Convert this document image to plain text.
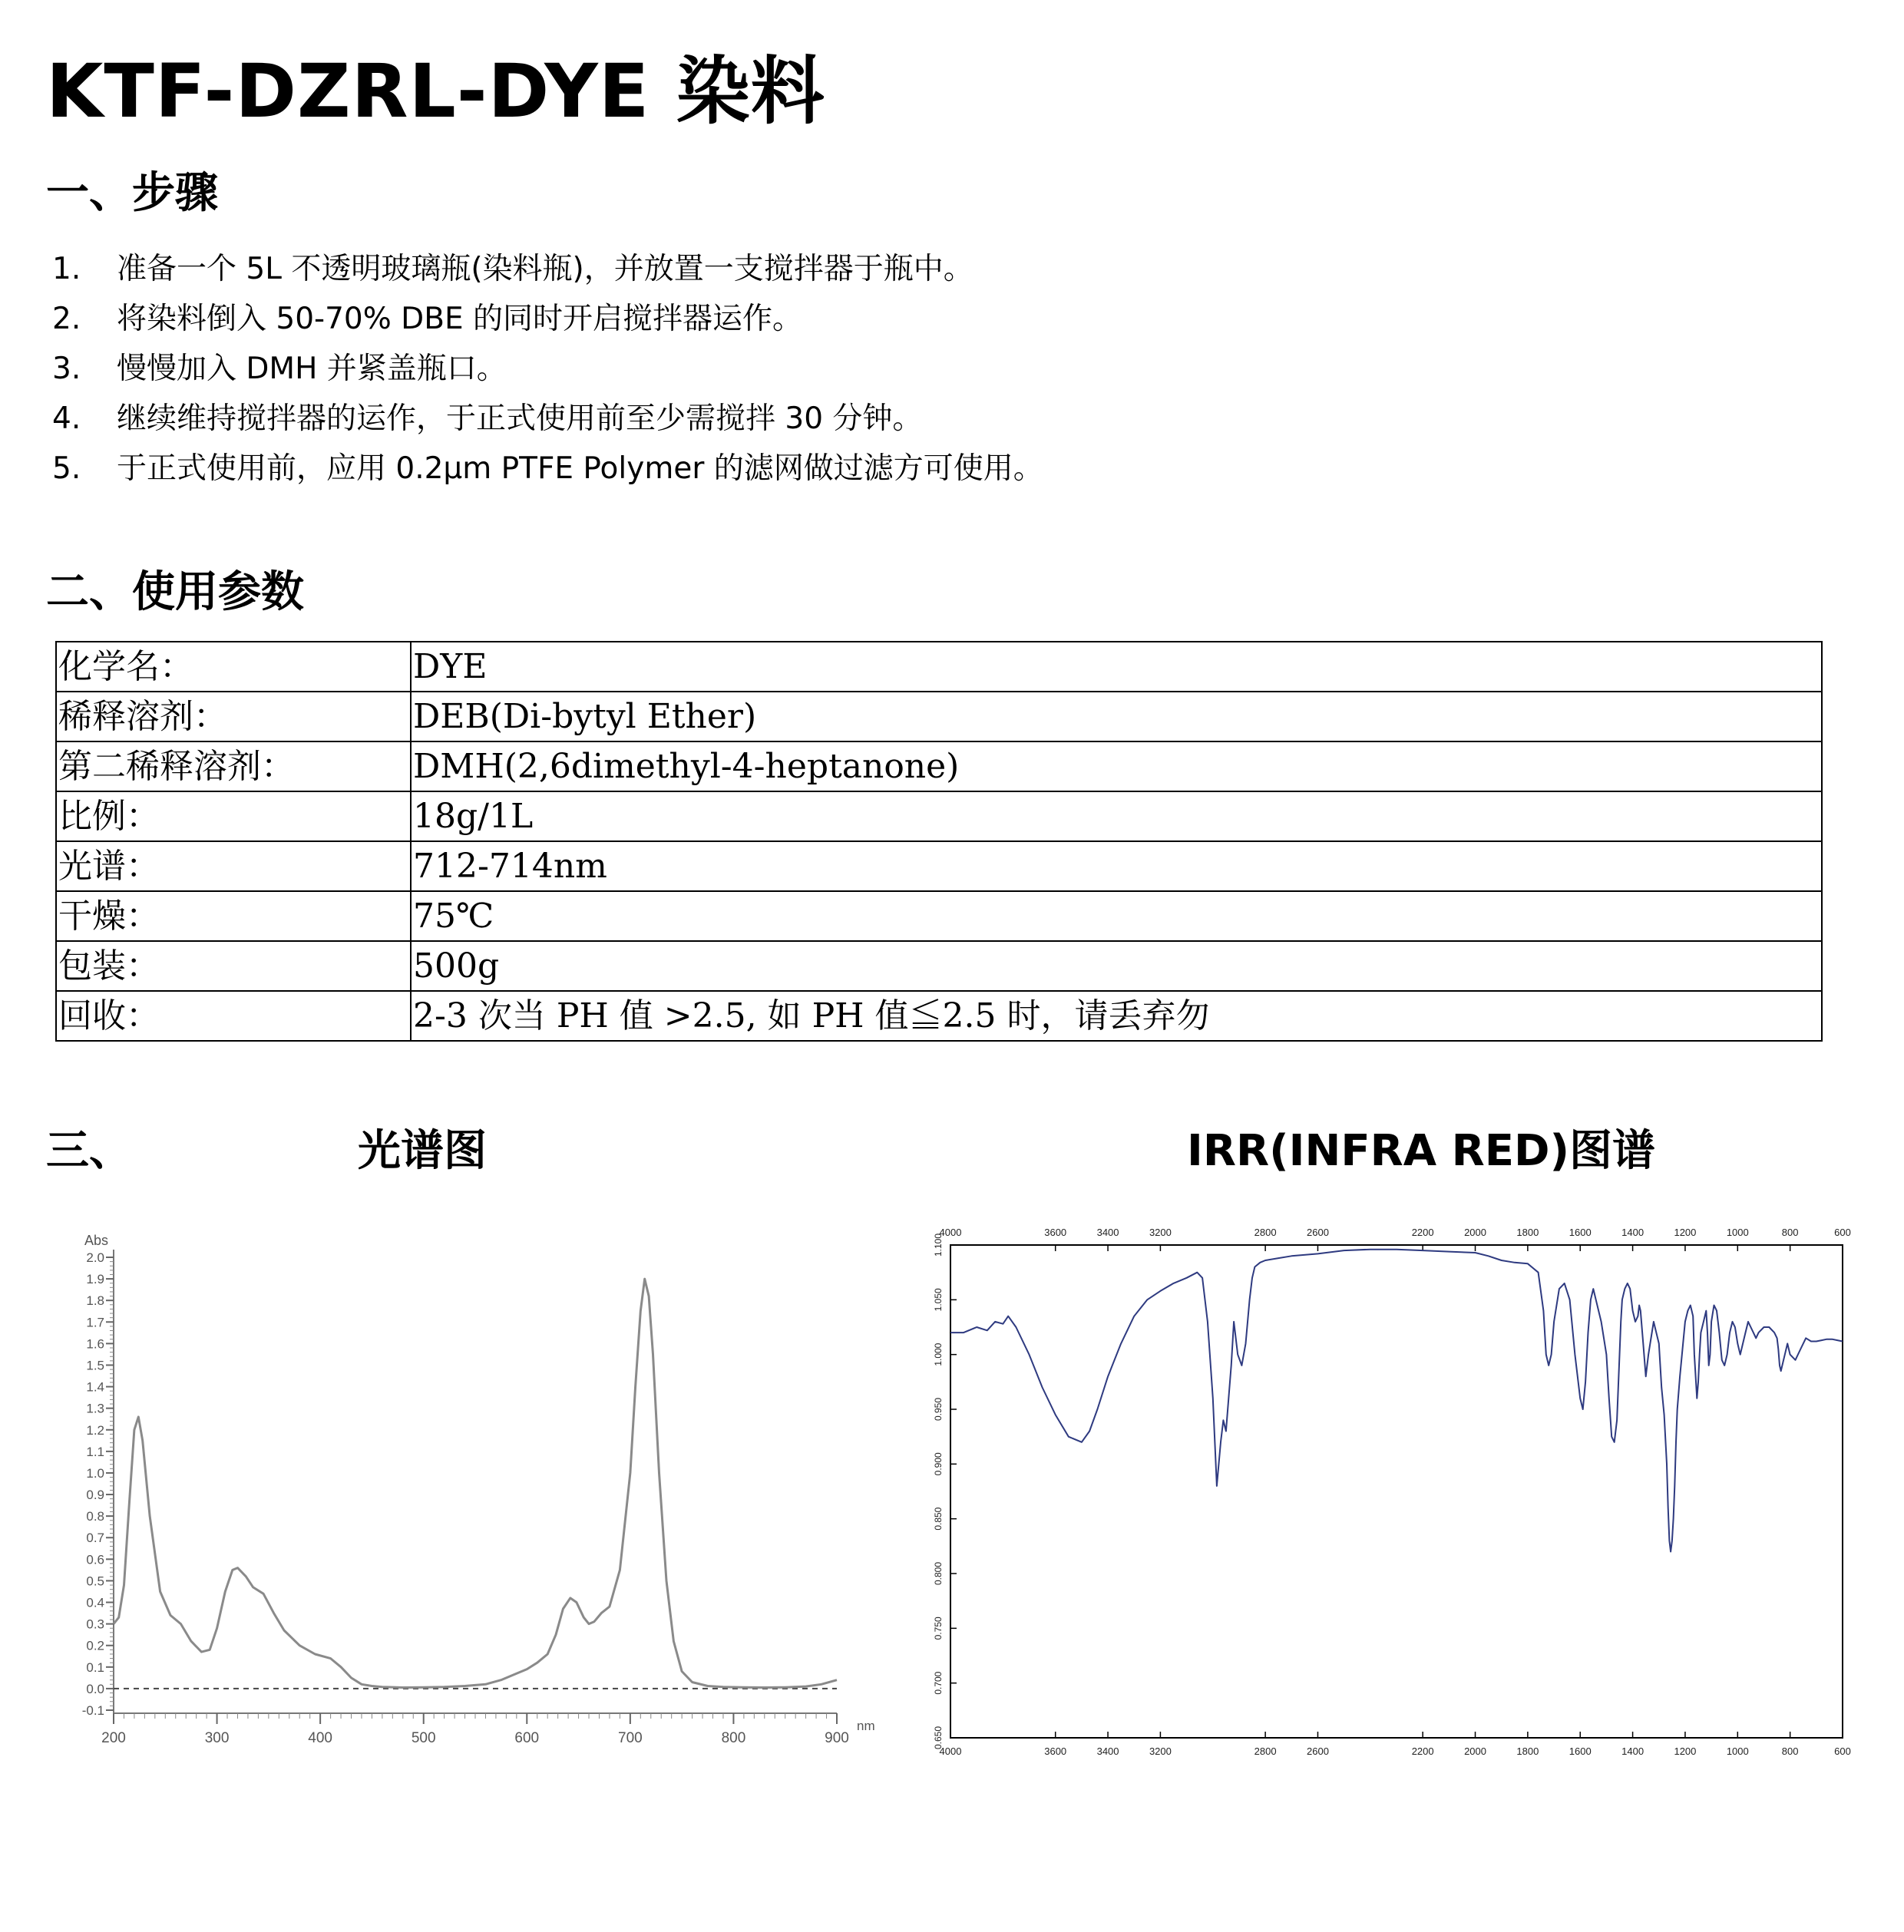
KTF-DZRL-DYE 染料
一、步骤
1. 准备一个 5L 不透明玻璃瓶(染料瓶)，并放置一支搅拌器于瓶中。
2. 将染料倒入 50-70% DBE 的同时开启搅拌器运作。
3. 慢慢加入 DMH 并紧盖瓶口。
4. 继续维持搅拌器的运作，于正式使用前至少需搅拌 30 分钟。
5. 于正式使用前，应用 0.2μm PTFE Polymer 的滤网做过滤方可使用。
二、使用参数
化学名：	DYE
稀释溶剂：	DEB(Di-bytyl Ether)
第二稀释溶剂：	DMH(2,6dimethyl-4-heptanone)
比例：	18g/1L
光谱：	712-714nm
干燥：	75℃
包装：	500g
回收：	2-3 次当 PH 值 >2.5, 如 PH 值≦2.5 时，请丢弃勿
三、	光谱图	IRR(INFRA RED)图谱
-0.1
0.0
0.1
0.2
0.3
0.4
0.5
0.6
0.7
0.8
0.9
1.0
1.1
1.2
1.3
1.4
1.5
1.6
1.7
1.8
1.9
2.0
200	300	400	500	600	700	800	900
Abs
nm
4000
4000
3600
3600
3400
3400
3200
3200
2800
2800
2600
2600
2200
2200
2000
2000
1800
1800
1600
1600
1400
1400
1200
1200
1000
1000
800
800
600
600
0.650
0.700
0.750
0.800
0.850
0.900
0.950
1.000
1.050
1.100
